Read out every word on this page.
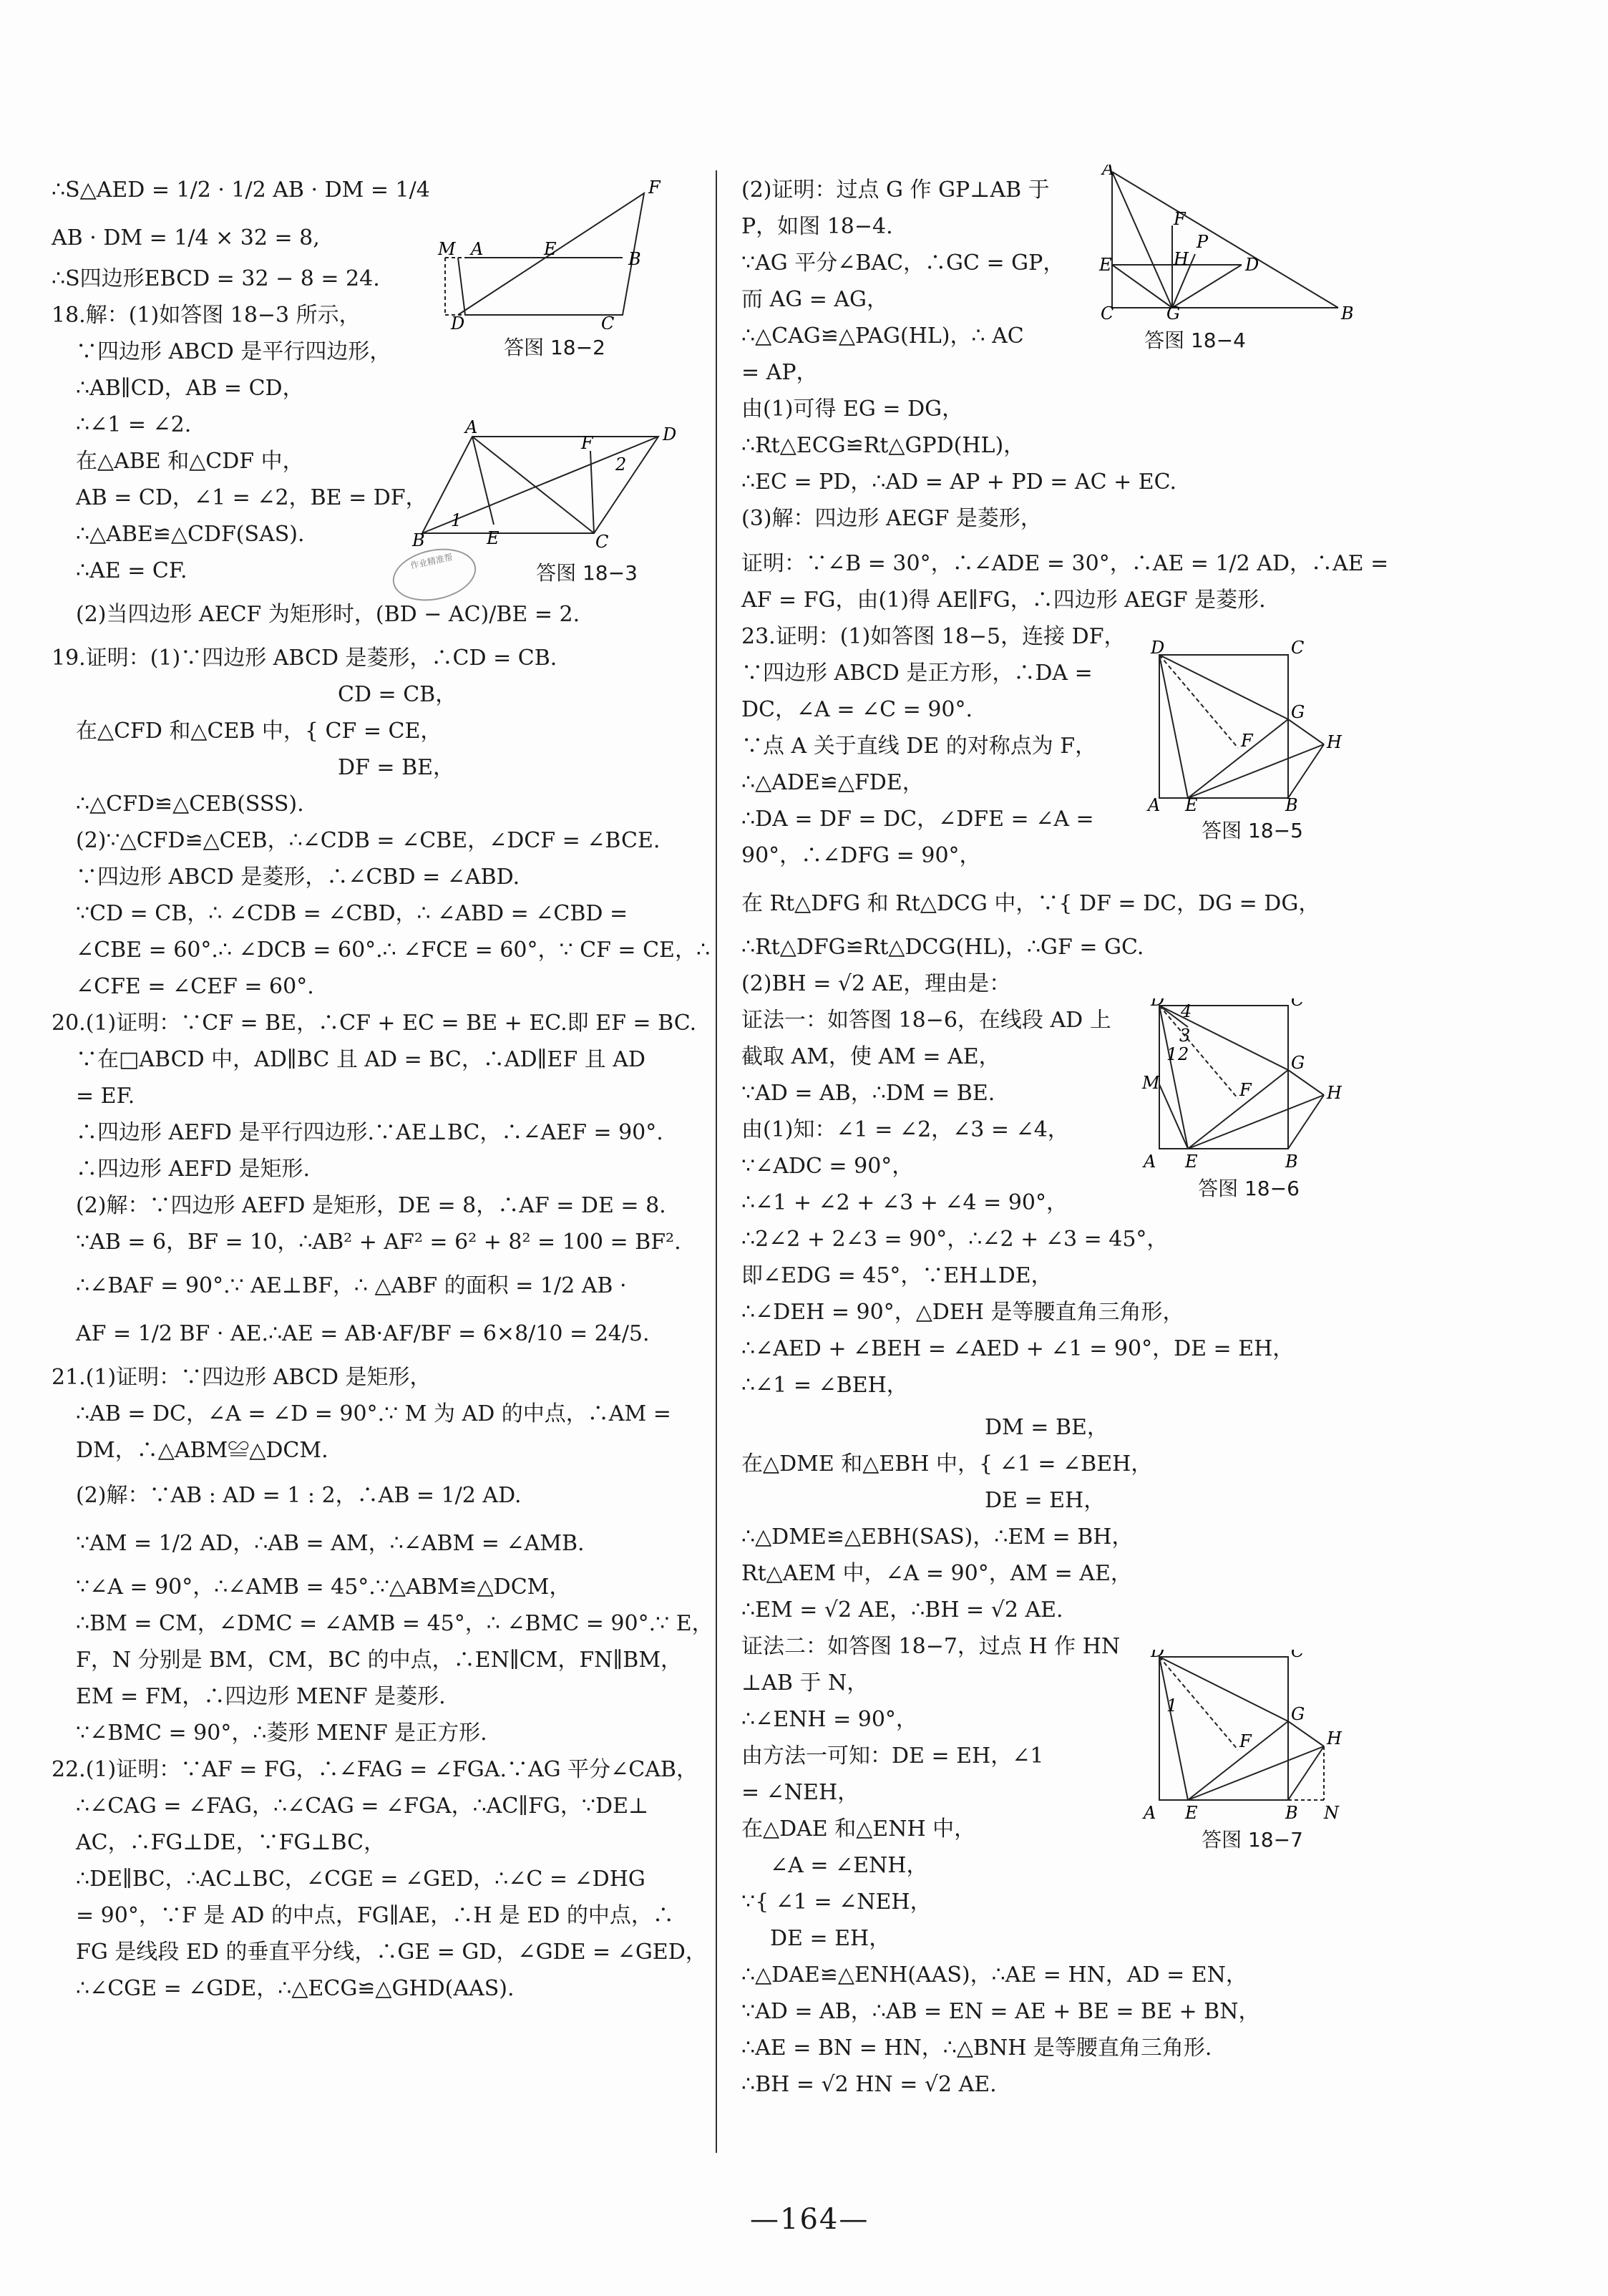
∴S△AED = 1/2 · 1/2 AB · DM = 1/4
AB · DM = 1/4 × 32 = 8,
∴S四边形EBCD = 32 − 8 = 24.
18.解：(1)如答图 18−3 所示，
∵四边形 ABCD 是平行四边形，
∴AB∥CD，AB = CD，
∴∠1 = ∠2.
在△ABE 和△CDF 中，
AB = CD，∠1 = ∠2，BE = DF，
∴△ABE≌△CDF(SAS).
∴AE = CF.
(2)当四边形 AECF 为矩形时，(BD − AC)/BE = 2.
19.证明：(1)∵四边形 ABCD 是菱形，∴CD = CB.
CD = CB，
在△CFD 和△CEB 中，{ CF = CE，
DF = BE，
∴△CFD≌△CEB(SSS).
(2)∵△CFD≌△CEB，∴∠CDB = ∠CBE，∠DCF = ∠BCE.
∵四边形 ABCD 是菱形，∴∠CBD = ∠ABD.
∵CD = CB，∴ ∠CDB = ∠CBD，∴ ∠ABD = ∠CBD =
∠CBE = 60°.∴ ∠DCB = 60°.∴ ∠FCE = 60°，∵ CF = CE，∴
∠CFE = ∠CEF = 60°.
20.(1)证明：∵CF = BE，∴CF + EC = BE + EC.即 EF = BC.
∵在□ABCD 中，AD∥BC 且 AD = BC，∴AD∥EF 且 AD
= EF.
∴四边形 AEFD 是平行四边形.∵AE⊥BC，∴∠AEF = 90°.
∴四边形 AEFD 是矩形.
(2)解：∵四边形 AEFD 是矩形，DE = 8，∴AF = DE = 8.
∵AB = 6，BF = 10，∴AB² + AF² = 6² + 8² = 100 = BF².
∴∠BAF = 90°.∵ AE⊥BF，∴ △ABF 的面积 = 1/2 AB ·
AF = 1/2 BF · AE.∴AE = AB·AF/BF = 6×8/10 = 24/5.
21.(1)证明：∵四边形 ABCD 是矩形，
∴AB = DC，∠A = ∠D = 90°.∵ M 为 AD 的中点，∴AM =
DM，∴△ABM≌△DCM.
(2)解：∵AB : AD = 1 : 2，∴AB = 1/2 AD.
∵AM = 1/2 AD，∴AB = AM，∴∠ABM = ∠AMB.
∵∠A = 90°，∴∠AMB = 45°.∵△ABM≌△DCM，
∴BM = CM，∠DMC = ∠AMB = 45°，∴ ∠BMC = 90°.∵ E，
F，N 分别是 BM，CM，BC 的中点，∴EN∥CM，FN∥BM，
EM = FM，∴四边形 MENF 是菱形.
∵∠BMC = 90°，∴菱形 MENF 是正方形.
22.(1)证明：∵AF = FG，∴∠FAG = ∠FGA.∵AG 平分∠CAB，
∴∠CAG = ∠FAG，∴∠CAG = ∠FGA，∴AC∥FG，∵DE⊥
AC，∴FG⊥DE，∵FG⊥BC，
∴DE∥BC，∴AC⊥BC，∠CGE = ∠GED，∴∠C = ∠DHG
= 90°，∵F 是 AD 的中点，FG∥AE，∴H 是 ED 的中点，∴
FG 是线段 ED 的垂直平分线，∴GE = GD，∠GDE = ∠GED，
∴∠CGE = ∠GDE，∴△ECG≌△GHD(AAS).
(2)证明：过点 G 作 GP⊥AB 于
P，如图 18−4.
∵AG 平分∠BAC，∴GC = GP，
而 AG = AG，
∴△CAG≌△PAG(HL)，∴ AC
= AP，
由(1)可得 EG = DG，
∴Rt△ECG≌Rt△GPD(HL)，
∴EC = PD，∴AD = AP + PD = AC + EC.
(3)解：四边形 AEGF 是菱形，
证明：∵∠B = 30°，∴∠ADE = 30°，∴AE = 1/2 AD，∴AE =
AF = FG，由(1)得 AE∥FG，∴四边形 AEGF 是菱形.
23.证明：(1)如答图 18−5，连接 DF，
∵四边形 ABCD 是正方形，∴DA =
DC，∠A = ∠C = 90°.
∵点 A 关于直线 DE 的对称点为 F，
∴△ADE≌△FDE，
∴DA = DF = DC，∠DFE = ∠A =
90°，∴∠DFG = 90°，
在 Rt△DFG 和 Rt△DCG 中，∵{ DF = DC，DG = DG，
∴Rt△DFG≌Rt△DCG(HL)，∴GF = GC.
(2)BH = √2 AE，理由是：
证法一：如答图 18−6，在线段 AD 上
截取 AM，使 AM = AE，
∵AD = AB，∴DM = BE.
由(1)知：∠1 = ∠2，∠3 = ∠4，
∵∠ADC = 90°，
∴∠1 + ∠2 + ∠3 + ∠4 = 90°，
∴2∠2 + 2∠3 = 90°，∴∠2 + ∠3 = 45°，
即∠EDG = 45°，∵EH⊥DE，
∴∠DEH = 90°，△DEH 是等腰直角三角形，
∴∠AED + ∠BEH = ∠AED + ∠1 = 90°，DE = EH，
∴∠1 = ∠BEH，
DM = BE，
在△DME 和△EBH 中，{ ∠1 = ∠BEH，
DE = EH，
∴△DME≌△EBH(SAS)，∴EM = BH，
Rt△AEM 中，∠A = 90°，AM = AE，
∴EM = √2 AE，∴BH = √2 AE.
证法二：如答图 18−7，过点 H 作 HN
⊥AB 于 N，
∴∠ENH = 90°，
由方法一可知：DE = EH，∠1
= ∠NEH，
在△DAE 和△ENH 中，
∠A = ∠ENH，
∵{ ∠1 = ∠NEH，
DE = EH，
∴△DAE≌△ENH(AAS)，∴AE = HN，AD = EN，
∵AD = AB，∴AB = EN = AE + BE = BE + BN，
∴AE = BN = HN，∴△BNH 是等腰直角三角形.
∴BH = √2 HN = √2 AE.
M A	E	B
F
D	C
答图 18−2
A	D
B	C
F
E
1
2
答图 18−3
作业精准帮
A
E
F
P
H	D
C	G	B
答图 18−4
D	C
G
F	H
A E	B
答图 18−5
D	C
G
F	H
M
A E	B
4
3
1 2
答图 18−6
D	C
G
F	H
A E	B N
1
答图 18−7
—164—
